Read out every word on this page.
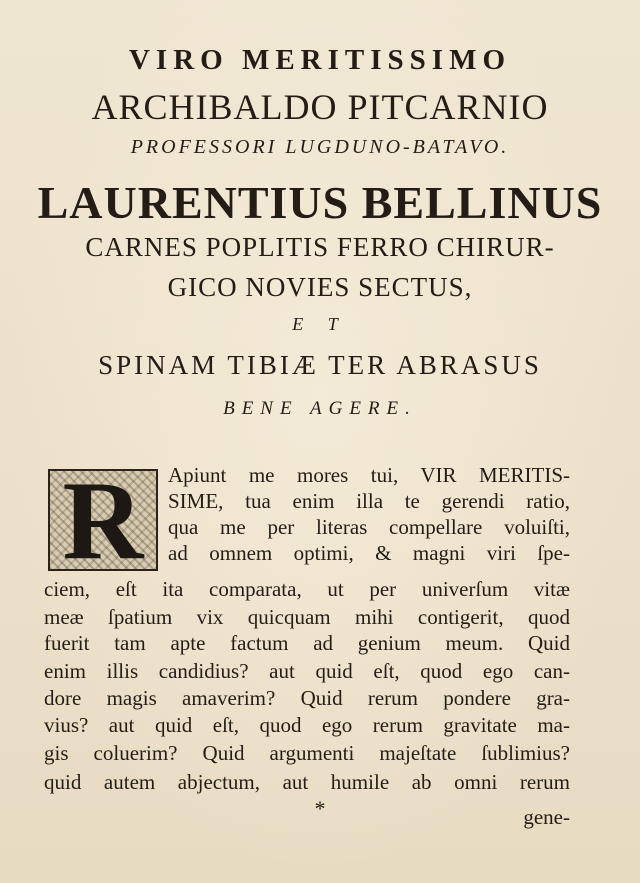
VIRO MERITISSIMO
ARCHIBALDO PITCARNIO
PROFESSORI LUGDUNO-BATAVO.
LAURENTIUS BELLINUS
CARNES POPLITIS FERRO CHIRUR-
GICO NOVIES SECTUS,
E T
SPINAM TIBIÆ TER ABRASUS
BENE AGERE.
R	Apiunt me mores tui, VIR MERITIS-
SIME, tua enim illa te gerendi ratio,
qua me per literas compellare voluiſti,
ad omnem optimi, & magni viri ſpe-
ciem, eſt ita comparata, ut per univerſum vitæ
meæ ſpatium vix quicquam mihi contigerit, quod
fuerit tam apte factum ad genium meum. Quid
enim illis candidius? aut quid eſt, quod ego can-
dore magis amaverim? Quid rerum pondere gra-
vius? aut quid eſt, quod ego rerum gravitate ma-
gis coluerim? Quid argumenti majeſtate ſublimius?
quid autem abjectum, aut humile ab omni rerum
*	gene-
